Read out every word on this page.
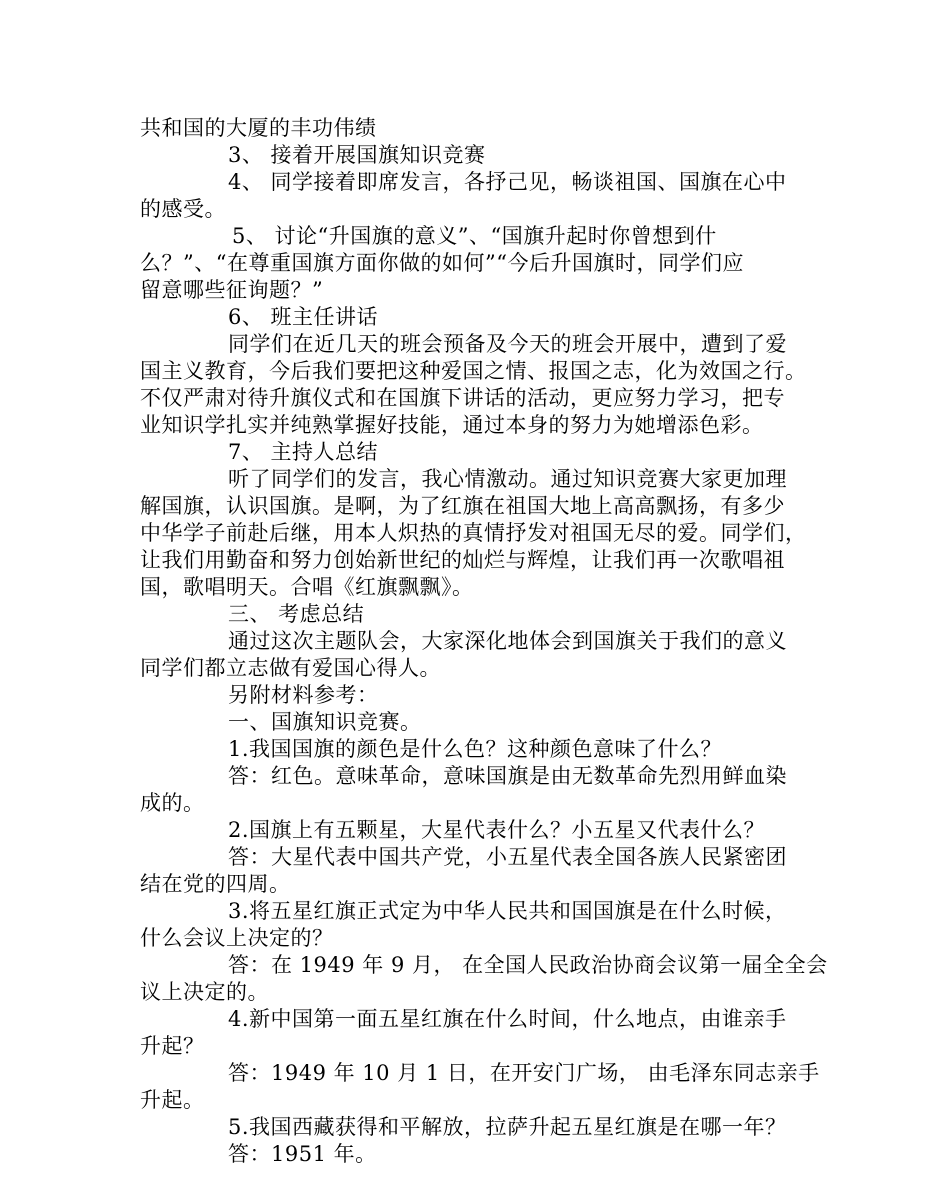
共和国的大厦的丰功伟绩
3、 接着开展国旗知识竞赛
4、 同学接着即席发言，各抒己见，畅谈祖国、国旗在心中
的感受。
5、 讨论“升国旗的意义”、“国旗升起时你曾想到什
么？”、“在尊重国旗方面你做的如何”“今后升国旗时，同学们应
留意哪些征询题？”
6、 班主任讲话
同学们在近几天的班会预备及今天的班会开展中，遭到了爱
国主义教育，今后我们要把这种爱国之情、报国之志，化为效国之行。
不仅严肃对待升旗仪式和在国旗下讲话的活动，更应努力学习，把专
业知识学扎实并纯熟掌握好技能，通过本身的努力为她增添色彩。
7、 主持人总结
听了同学们的发言，我心情激动。通过知识竞赛大家更加理
解国旗，认识国旗。是啊，为了红旗在祖国大地上高高飘扬，有多少
中华学子前赴后继，用本人炽热的真情抒发对祖国无尽的爱。同学们，
让我们用勤奋和努力创始新世纪的灿烂与辉煌，让我们再一次歌唱祖
国，歌唱明天。合唱《红旗飘飘》。
三、 考虑总结
通过这次主题队会，大家深化地体会到国旗关于我们的意义
同学们都立志做有爱国心得人。
另附材料参考：
一、国旗知识竞赛。
1.我国国旗的颜色是什么色？这种颜色意味了什么？
答：红色。意味革命，意味国旗是由无数革命先烈用鲜血染
成的。
2.国旗上有五颗星，大星代表什么？小五星又代表什么？
答：大星代表中国共产党，小五星代表全国各族人民紧密团
结在党的四周。
3.将五星红旗正式定为中华人民共和国国旗是在什么时候，
什么会议上决定的？
答：在 1949 年 9 月， 在全国人民政治协商会议第一届全全会
议上决定的。
4.新中国第一面五星红旗在什么时间，什么地点，由谁亲手
升起？
答：1949 年 10 月 1 日，在开安门广场， 由毛泽东同志亲手
升起。
5.我国西藏获得和平解放，拉萨升起五星红旗是在哪一年？
答：1951 年。
